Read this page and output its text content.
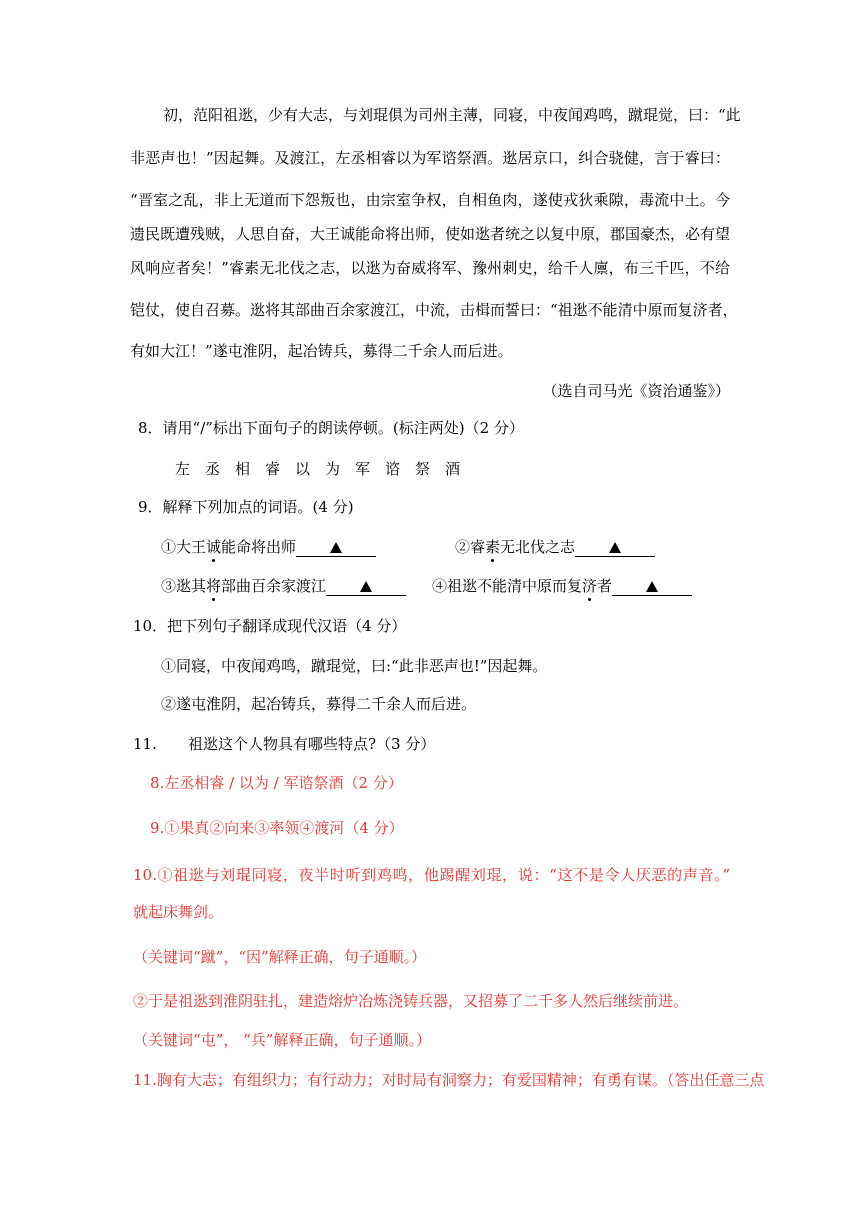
初，范阳祖逖，少有大志，与刘琨俱为司州主薄，同寝，中夜闻鸡鸣，蹴琨觉，曰：“此
非恶声也！”因起舞。及渡江，左丞相睿以为军谘祭酒。逖居京口，纠合骁健，言于睿曰：
“晋室之乱，非上无道而下怨叛也，由宗室争权，自相鱼肉，遂使戎狄乘隙，毒流中土。今
遗民既遭残贼，人思自奋，大王诚能命将出师，使如逖者统之以复中原，郡国豪杰，必有望
风响应者矣！”睿素无北伐之志，以逖为奋威将军、豫州刺史，给千人廪，布三千匹，不给
铠仗，使自召募。逖将其部曲百余家渡江，中流，击楫而誓曰：“祖逖不能清中原而复济者，
有如大江！”遂屯淮阴，起冶铸兵，募得二千余人而后进。
（选自司马光《资治通鉴》）
8．请用“/”标出下面句子的朗读停顿。(标注两处)（2 分）
左丞相睿以为军谘祭酒
9．解释下列加点的词语。(4 分)
①大王诚能命将出师	②睿素无北伐之志
③逖其将部曲百余家渡江	④祖逖不能清中原而复济者
10．把下列句子翻译成现代汉语（4 分）
①同寝，中夜闻鸡鸣，蹴琨觉，曰:“此非恶声也!”因起舞。
②遂屯淮阴，起冶铸兵，募得二千余人而后进。
11. 祖逖这个人物具有哪些特点?（3 分）
8.左丞相睿 / 以为 / 军谘祭酒（2 分）
9.①果真②向来③率领④渡河（4 分）
10.①祖逖与刘琨同寝，夜半时听到鸡鸣，他踢醒刘琨，说：“这不是令人厌恶的声音。”
就起床舞剑。
（关键词“蹴”，“因”解释正确，句子通顺。）
②于是祖逖到淮阴驻扎，建造熔炉冶炼浇铸兵器，又招募了二千多人然后继续前进。
（关键词“屯”， “兵”解释正确，句子通顺。）
11.胸有大志；有组织力；有行动力；对时局有洞察力；有爱国精神；有勇有谋。（答出任意三点
